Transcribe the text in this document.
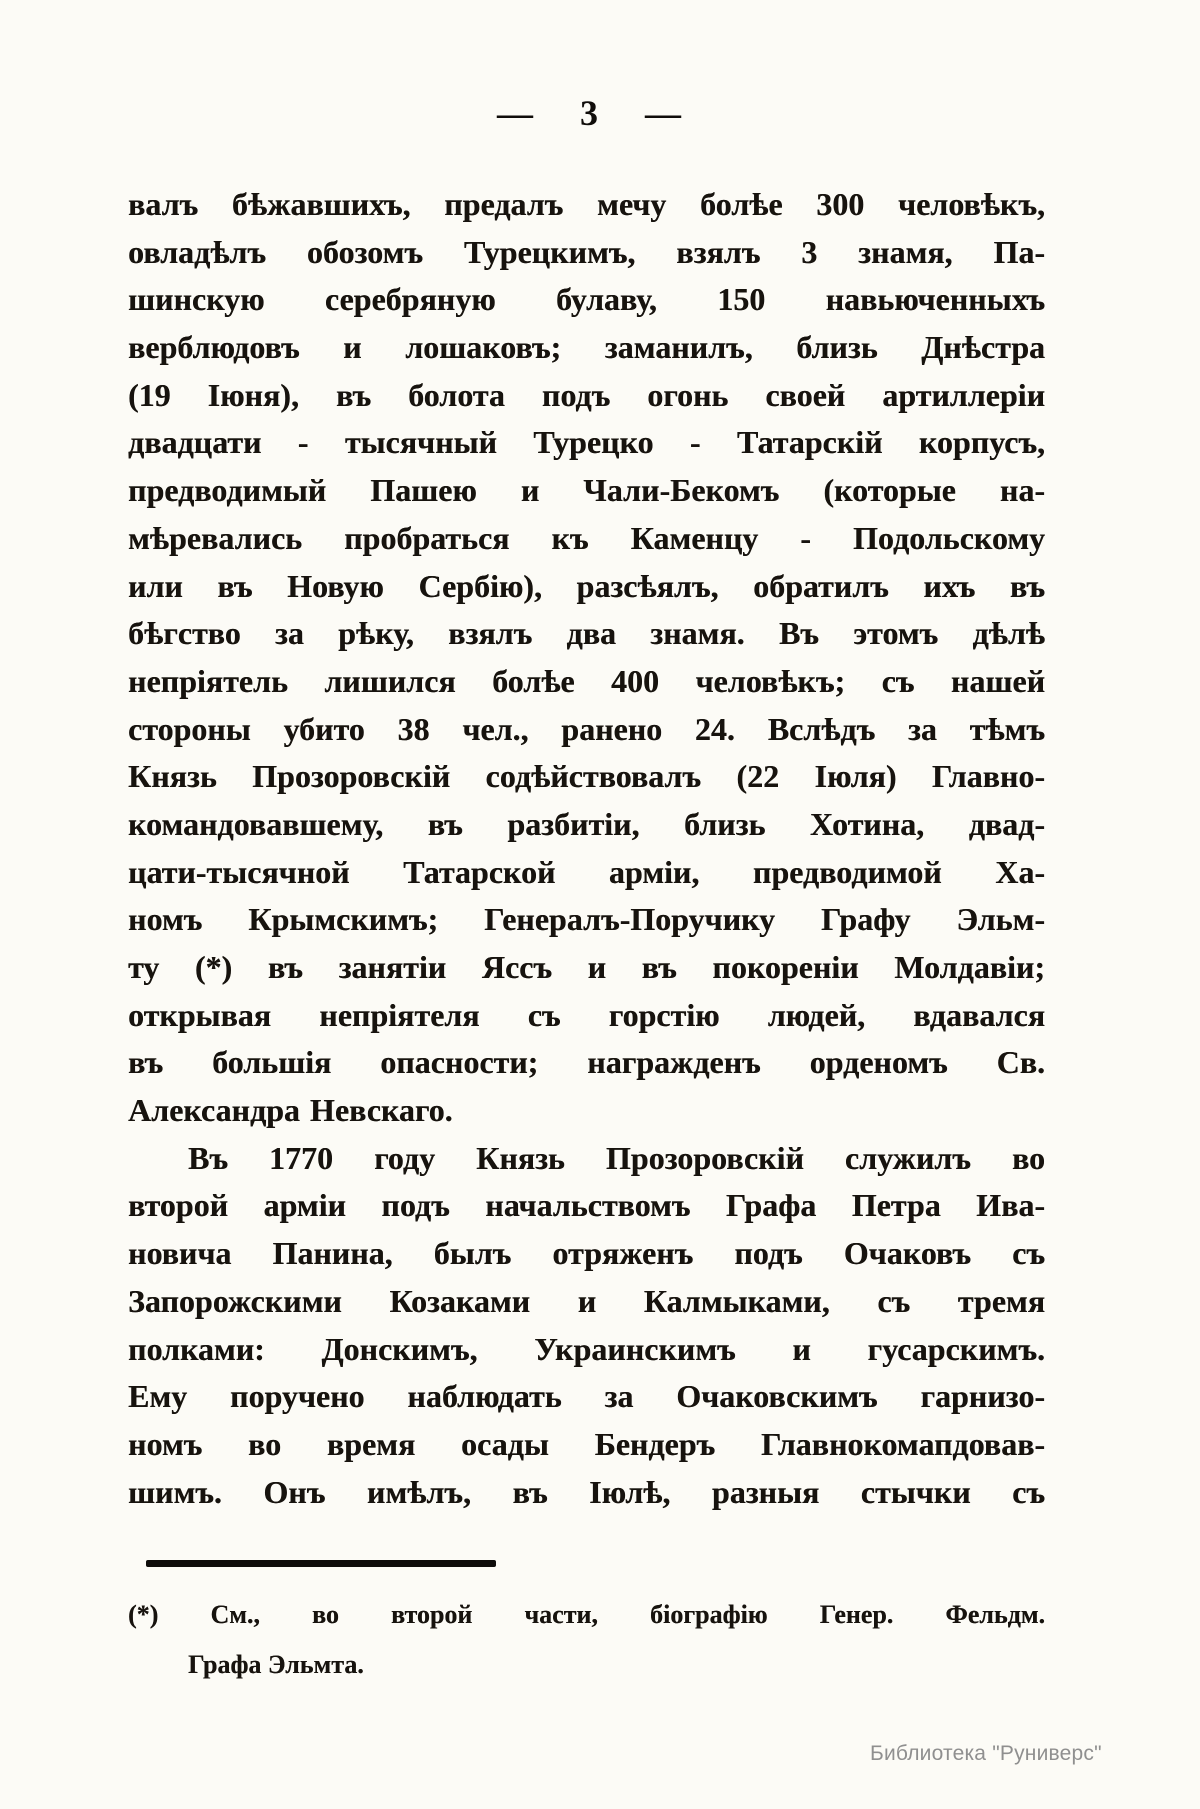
— 3 —
валъ бѣжавшихъ, предалъ мечу болѣе 300 человѣкъ,
овладѣлъ обозомъ Турецкимъ, взялъ 3 знамя, Па-
шинскую серебряную булаву, 150 навьюченныхъ
верблюдовъ и лошаковъ; заманилъ, близь Днѣстра
(19 Іюня), въ болота подъ огонь своей артиллеріи
двадцати - тысячный Турецко - Татарскій корпусъ,
предводимый Пашею и Чали-Бекомъ (которые на-
мѣревались пробраться къ Каменцу - Подольскому
или въ Новую Сербію), разсѣялъ, обратилъ ихъ въ
бѣгство за рѣку, взялъ два знамя. Въ этомъ дѣлѣ
непріятель лишился болѣе 400 человѣкъ; съ нашей
стороны убито 38 чел., ранено 24. Вслѣдъ за тѣмъ
Князь Прозоровскій содѣйствовалъ (22 Іюля) Главно-
командовавшему, въ разбитіи, близь Хотина, двад-
цати-тысячной Татарской арміи, предводимой Ха-
номъ Крымскимъ; Генералъ-Поручику Графу Эльм-
ту (*) въ занятіи Яссъ и въ покореніи Молдавіи;
открывая непріятеля съ горстію людей, вдавался
въ большія опасности; награжденъ орденомъ Св.
Александра Невскаго.
Въ 1770 году Князь Прозоровскій служилъ во
второй арміи подъ начальствомъ Графа Петра Ива-
новича Панина, былъ отряженъ подъ Очаковъ съ
Запорожскими Козаками и Калмыками, съ тремя
полками: Донскимъ, Украинскимъ и гусарскимъ.
Ему поручено наблюдать за Очаковскимъ гарнизо-
номъ во время осады Бендеръ Главнокомапдовав-
шимъ. Онъ имѣлъ, въ Іюлѣ, разныя стычки съ
(*) См., во второй части, біографію Генер. Фельдм.
Графа Эльмта.
Библиотека "Руниверс"
